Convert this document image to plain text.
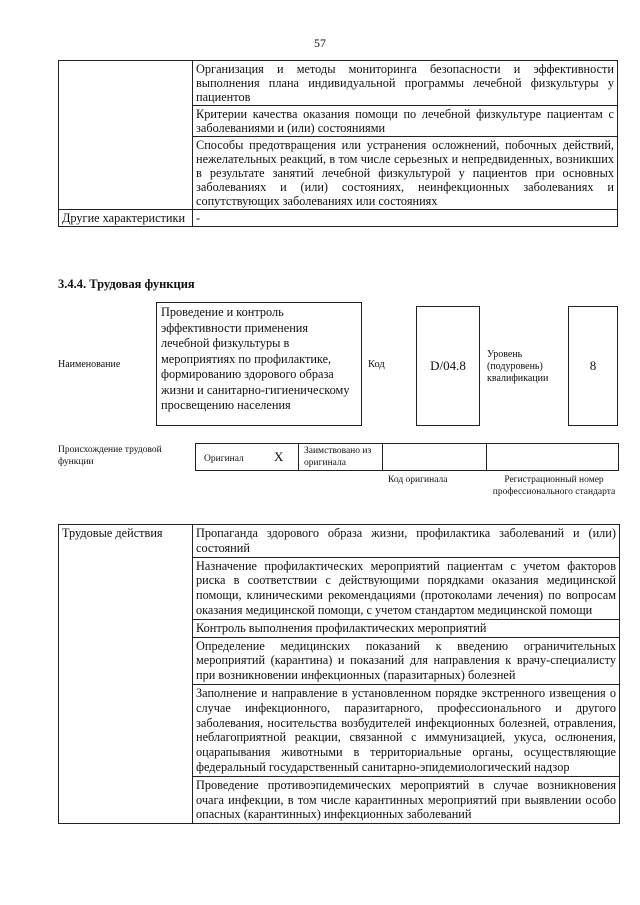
57
	Организация и методы мониторинга безопасности и эффективности выполнения плана индивидуальной программы лечебной физкультуры у пациентов
	Критерии качества оказания помощи по лечебной физкультуре пациентам с заболеваниями и (или) состояниями
	Способы предотвращения или устранения осложнений, побочных действий, нежелательных реакций, в том числе серьезных и непредвиденных, возникших в результате занятий лечебной физкультурой у пациентов при основных заболеваниях и (или) состояниях, неинфекционных заболеваниях и сопутствующих заболеваниях или состояниях
Другие характеристики	-
3.4.4. Трудовая функция
Наименование
Проведение и контроль эффективности применения лечебной физкультуры в мероприятиях по профилактике, формированию здорового образа жизни и санитарно-гигиеническому просвещению населения
Код	D/04.8
Уровень (подуровень) квалификации
8
Происхождение трудовой функции	Оригинал X Заимствовано из оригинала
Код оригинала	Регистрационный номер профессионального стандарта
Трудовые действия	Пропаганда здорового образа жизни, профилактика заболеваний и (или) состояний
Назначение профилактических мероприятий пациентам с учетом факторов риска в соответствии с действующими порядками оказания медицинской помощи, клиническими рекомендациями (протоколами лечения) по вопросам оказания медицинской помощи, с учетом стандартом медицинской помощи
Контроль выполнения профилактических мероприятий
Определение медицинских показаний к введению ограничительных мероприятий (карантина) и показаний для направления к врачу-специалисту при возникновении инфекционных (паразитарных) болезней
Заполнение и направление в установленном порядке экстренного извещения о случае инфекционного, паразитарного, профессионального и другого заболевания, носительства возбудителей инфекционных болезней, отравления, неблагоприятной реакции, связанной с иммунизацией, укуса, ослюнения, оцарапывания животными в территориальные органы, осуществляющие федеральный государственный санитарно-эпидемиологический надзор
Проведение противоэпидемических мероприятий в случае возникновения очага инфекции, в том числе карантинных мероприятий при выявлении особо опасных (карантинных) инфекционных заболеваний
